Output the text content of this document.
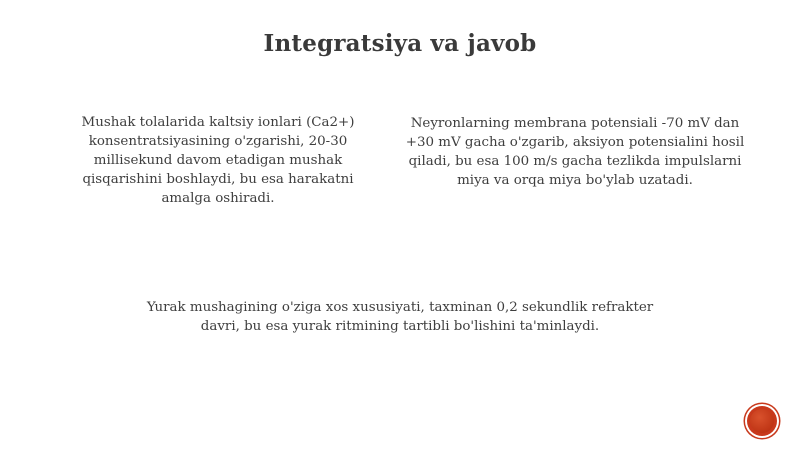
Integratsiya va javob
Mushak tolalarida kaltsiy ionlari (Ca2+) konsentratsiyasining o'zgarishi, 20-30 millisekund davom etadigan mushak qisqarishini boshlaydi, bu esa harakatni amalga oshiradi.
Neyronlarning membrana potensiali -70 mV dan +30 mV gacha o'zgarib, aksiyon potensialini hosil qiladi, bu esa 100 m/s gacha tezlikda impulslarni miya va orqa miya bo'ylab uzatadi.
Yurak mushagining o'ziga xos xususiyati, taxminan 0,2 sekundlik refrakter davri, bu esa yurak ritmining tartibli bo'lishini ta'minlaydi.
